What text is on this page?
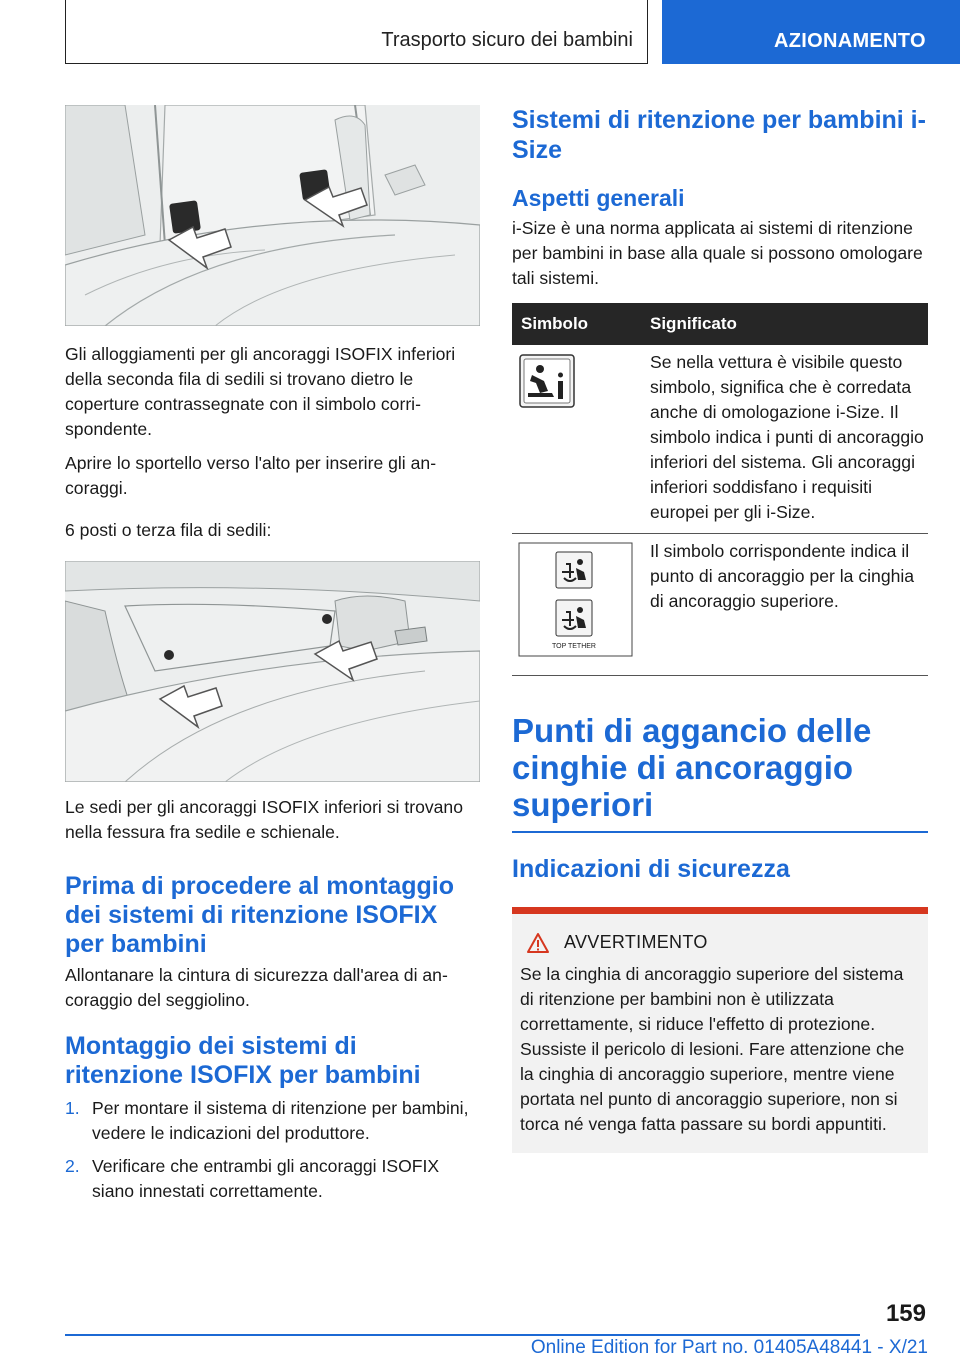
Trasporto sicuro dei bambini	AZIONAMENTO

Gli alloggiamenti per gli ancoraggi ISOFIX inferiori della seconda fila di sedili si trovano dietro le coperture contrassegnate con il simbolo corrispondente.

Aprire lo sportello verso l'alto per inserire gli ancoraggi.

6 posti o terza fila di sedili:

Le sedi per gli ancoraggi ISOFIX inferiori si trovano nella fessura fra sedile e schienale.

Prima di procedere al montaggio dei sistemi di ritenzione ISOFIX per bambini

Allontanare la cintura di sicurezza dall'area di ancoraggio del seggiolino.

Montaggio dei sistemi di ritenzione ISOFIX per bambini
1. Per montare il sistema di ritenzione per bambini, vedere le indicazioni del produttore.
2. Verificare che entrambi gli ancoraggi ISOFIX siano innestati correttamente.
Sistemi di ritenzione per bambini i-Size
Aspetti generali

i-Size è una norma applicata ai sistemi di ritenzione per bambini in base alla quale si possono omologare tali sistemi.

Simbolo	Significato
	Se nella vettura è visibile questo simbolo, significa che è corredata anche di omologazione i-Size. Il simbolo indica i punti di ancoraggio inferiori del sistema. Gli ancoraggi inferiori soddisfano i requisiti europei per gli i-Size.

TOP TETHER	Il simbolo corrispondente indica il punto di ancoraggio per la cinghia di ancoraggio superiore.
Punti di aggancio delle cinghie di ancoraggio superiori
Indicazioni di sicurezza
AVVERTIMENTO

Se la cinghia di ancoraggio superiore del sistema di ritenzione per bambini non è utilizzata correttamente, si riduce l'effetto di protezione. Sussiste il pericolo di lesioni. Fare attenzione che la cinghia di ancoraggio superiore, mentre viene portata nel punto di ancoraggio superiore, non si torca né venga fatta passare su bordi appuntiti.

159
Online Edition for Part no. 01405A48441 - X/21
